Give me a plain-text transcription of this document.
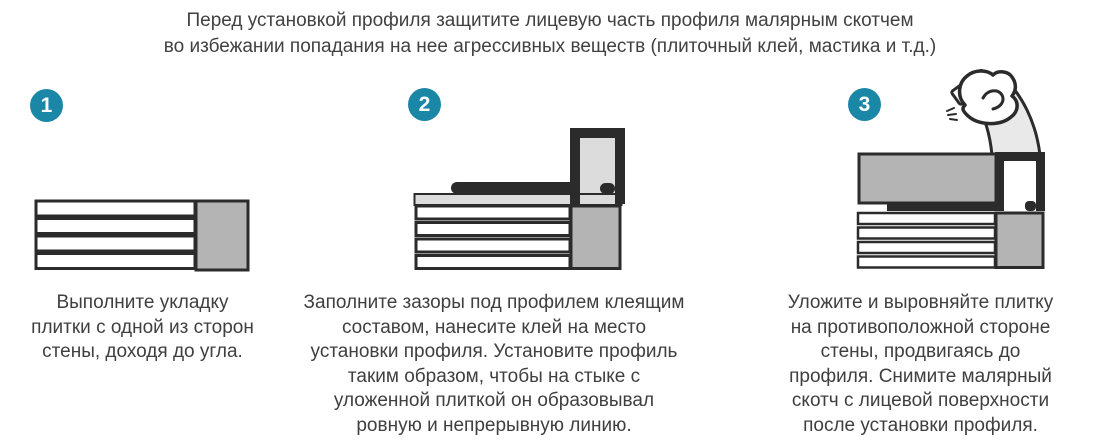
Перед установкой профиля защитите лицевую часть профиля малярным скотчем
во избежании попадания на нее агрессивных веществ (плиточный клей, мастика и т.д.)
1
Выполните укладку
плитки с одной из сторон
стены, доходя до угла.
2
Заполните зазоры под профилем клеящим
составом, нанесите клей на место
установки профиля. Установите профиль
таким образом, чтобы на стыке с
уложенной плиткой он образовывал
ровную и непрерывную линию.
3
Уложите и выровняйте плитку
на противоположной стороне
стены, продвигаясь до
профиля. Снимите малярный
скотч с лицевой поверхности
после установки профиля.
